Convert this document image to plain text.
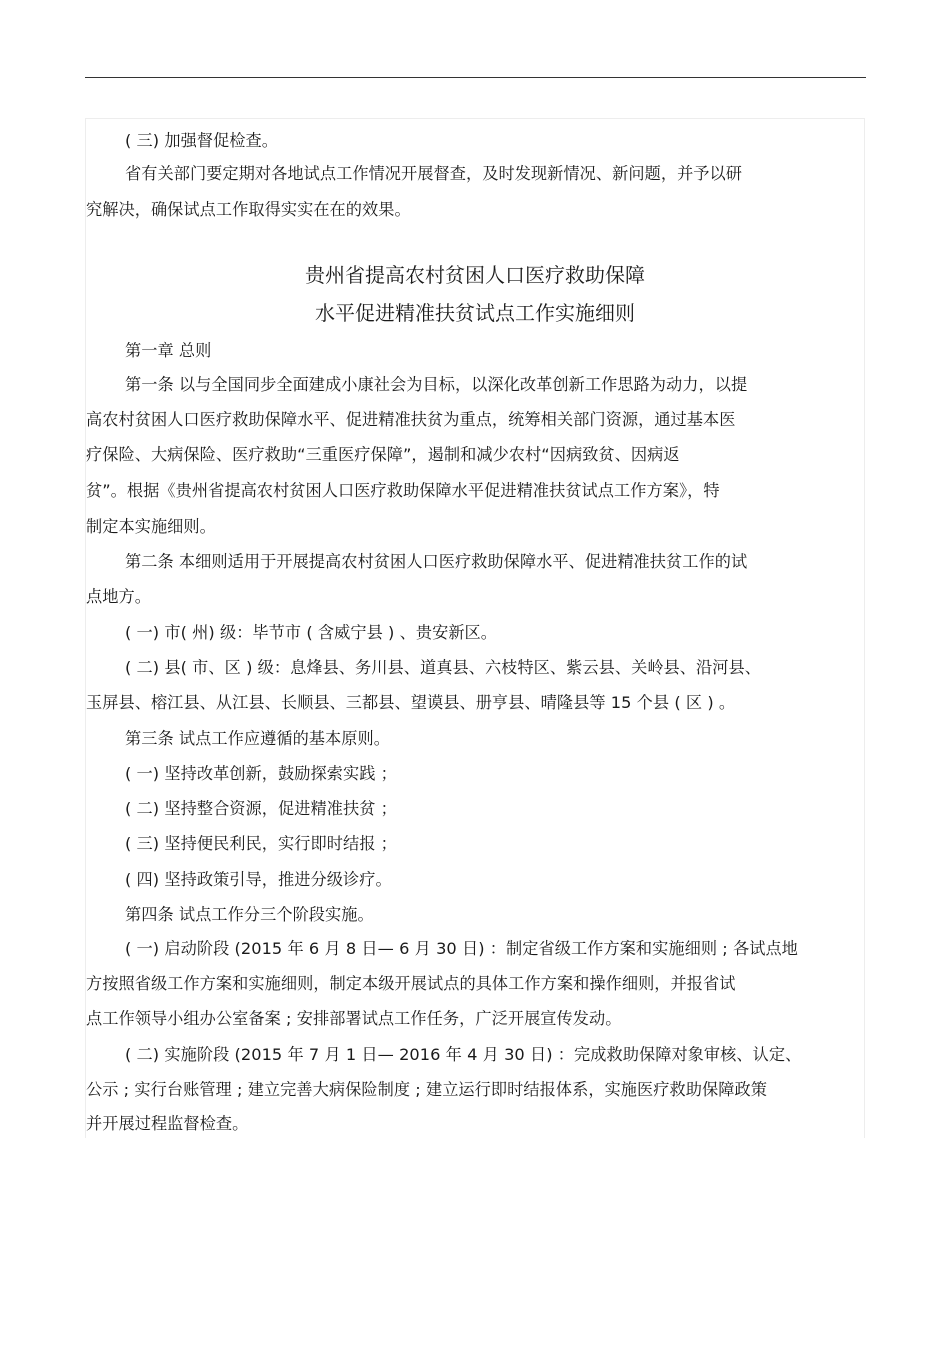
( 三) 加强督促检查。

省有关部门要定期对各地试点工作情况开展督查，及时发现新情况、新问题，并予以研

究解决，确保试点工作取得实实在在的效果。

贵州省提高农村贫困人口医疗救助保障

水平促进精准扶贫试点工作实施细则

第一章 总则

第一条 以与全国同步全面建成小康社会为目标，以深化改革创新工作思路为动力，以提

高农村贫困人口医疗救助保障水平、促进精准扶贫为重点，统筹相关部门资源，通过基本医

疗保险、大病保险、医疗救助“三重医疗保障”，遏制和减少农村“因病致贫、因病返

贫”。根据《贵州省提高农村贫困人口医疗救助保障水平促进精准扶贫试点工作方案》，特

制定本实施细则。

第二条 本细则适用于开展提高农村贫困人口医疗救助保障水平、促进精准扶贫工作的试

点地方。

( 一) 市( 州) 级：毕节市 ( 含威宁县 ) 、贵安新区。

( 二) 县( 市、区 ) 级：息烽县、务川县、道真县、六枝特区、紫云县、关岭县、沿河县、

玉屏县、榕江县、从江县、长顺县、三都县、望谟县、册亨县、晴隆县等 15 个县 ( 区 ) 。

第三条 试点工作应遵循的基本原则。

( 一) 坚持改革创新，鼓励探索实践 ；

( 二) 坚持整合资源，促进精准扶贫 ；

( 三) 坚持便民利民，实行即时结报 ；

( 四) 坚持政策引导，推进分级诊疗。

第四条 试点工作分三个阶段实施。

( 一) 启动阶段 (2015 年 6 月 8 日— 6 月 30 日) ：制定省级工作方案和实施细则 ; 各试点地

方按照省级工作方案和实施细则，制定本级开展试点的具体工作方案和操作细则，并报省试

点工作领导小组办公室备案 ; 安排部署试点工作任务，广泛开展宣传发动。

( 二) 实施阶段 (2015 年 7 月 1 日— 2016 年 4 月 30 日) ：完成救助保障对象审核、认定、

公示 ; 实行台账管理 ; 建立完善大病保险制度 ; 建立运行即时结报体系，实施医疗救助保障政策

并开展过程监督检查。
